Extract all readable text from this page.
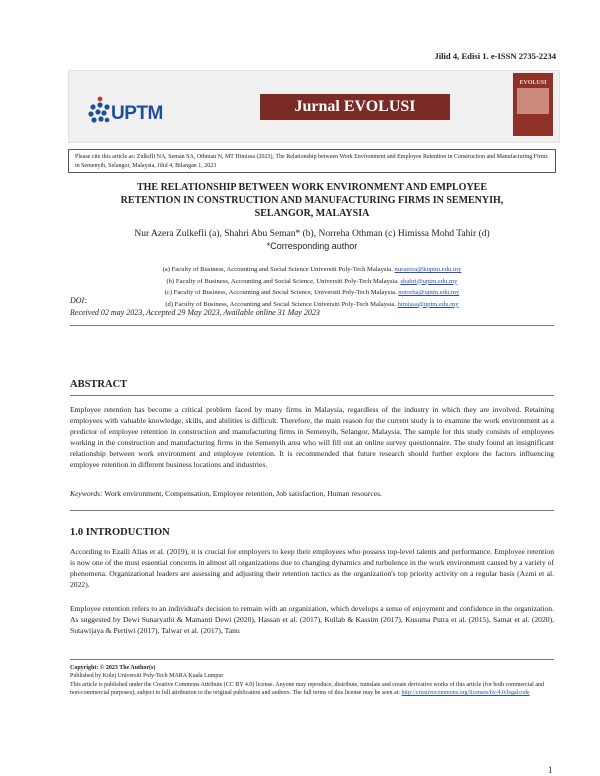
Jilid 4, Edisi 1. e-ISSN 2735-2234
UPTM	Jurnal EVOLUSI
EVOLUSI
Please cite this article as: Zulkifli NA, Seman SA, Othman N, MT Himissa (2023), The Relationship between Work Environment and Employee Retention in Construction and Manufacturing Firms in Semenyih, Selangor, Malaysia, Jilid 4, Bilangan 1, 2023
THE RELATIONSHIP BETWEEN WORK ENVIRONMENT AND EMPLOYEE
RETENTION IN CONSTRUCTION AND MANUFACTURING FIRMS IN SEMENYIH,
SELANGOR, MALAYSIA
Nur Azera Zulkefli (a), Shahri Abu Seman* (b), Norreha Othman (c) Himissa Mohd Tahir (d)
*Corresponding author
(a) Faculty of Business, Accounting and Social Science Universiti Poly-Tech Malaysia. nurazera@kuptm.edu.my
(b) Faculty of Business, Accounting and Social Science, Universiti Poly-Tech Malaysia. shahri@uptm.edu.my
(c) Faculty of Business, Accounting and Social Science, Universiti Poly-Tech Malaysia. norreha@uptm.edu.my
(d) Faculty of Business, Accounting and Social Science Universiti Poly-Tech Malaysia. himissa@uptm.edu.my
DOI:
Received 02 may 2023, Accepted 29 May 2023, Available online 31 May 2023
ABSTRACT
Employee retention has become a critical problem faced by many firms in Malaysia, regardless of the industry in which they are involved. Retaining employees with valuable knowledge, skills, and abilities is difficult. Therefore, the main reason for the current study is to examine the work environment as a predictor of employee retention in construction and manufacturing firms in Semenyih, Selangor, Malaysia. The sample for this study consists of employees working in the construction and manufacturing firms in the Semenyih area who will fill out an online survey questionnaire. The study found an insignificant relationship between work environment and employee retention. It is recommended that future research should further explore the factors influencing employee retention in different business locations and industries.
Keywords: Work environment, Compensation, Employee retention, Job satisfaction, Human resources.
1.0 INTRODUCTION
According to Ezaili Alias et al. (2019), it is crucial for employers to keep their employees who possess top-level talents and performance. Employee retention is now one of the most essential concerns in almost all organizations due to changing dynamics and turbulence in the work environment caused by a variety of phenomena. Organizational leaders are assessing and adjusting their retention tactics as the organization's top priority activity on a regular basis (Azmi et al. 2022).
Employee retention refers to an individual's decision to remain with an organization, which develops a sense of enjoyment and confidence in the organization. As suggested by Dewi Sunaryathi & Mamanti Dewi (2020), Hassan et al. (2017), Kullab & Kassim (2017), Kusuma Putra et al. (2015), Samat et al. (2020), Sutawijaya & Pertiwi (2017), Talwar et al. (2017), Tanu
Copyright: © 2023 The Author(s)
Published by Kolej Universiti Poly-Tech MARA Kuala Lumpur
This article is published under the Creative Commons Attribute (CC BY 4.0) license. Anyone may reproduce, distribute, translate and create derivative works of this article (for both commercial and non-commercial purposes), subject to full attribution to the original publication and authors. The full terms of this license may be seen at: http://creativecommons.org/licenses/by/4.0/legalcode
1
